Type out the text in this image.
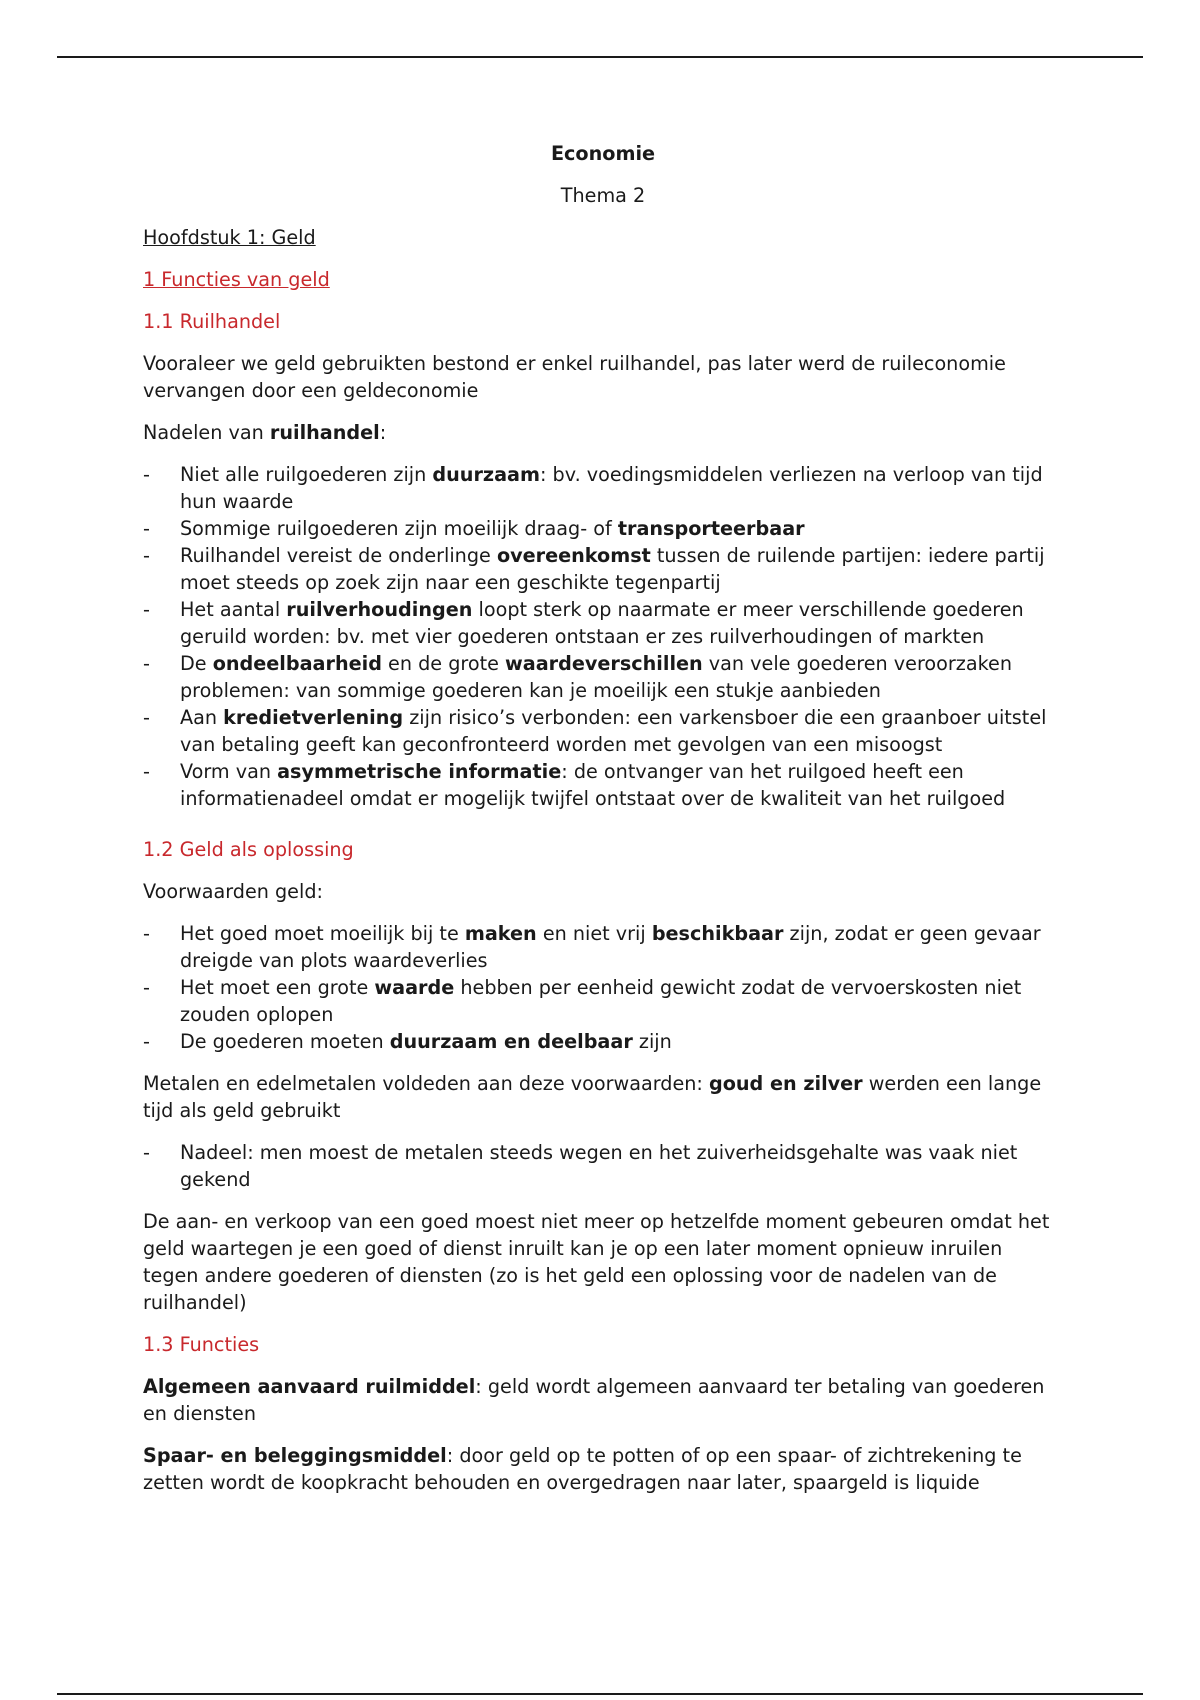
Economie
Thema 2
Hoofdstuk 1: Geld
1 Functies van geld
1.1 Ruilhandel

Vooraleer we geld gebruikten bestond er enkel ruilhandel, pas later werd de ruileconomie vervangen door een geldeconomie

Nadelen van ruilhandel:

- Niet alle ruilgoederen zijn duurzaam: bv. voedingsmiddelen verliezen na verloop van tijd hun waarde
- Sommige ruilgoederen zijn moeilijk draag- of transporteerbaar
- Ruilhandel vereist de onderlinge overeenkomst tussen de ruilende partijen: iedere partij moet steeds op zoek zijn naar een geschikte tegenpartij
- Het aantal ruilverhoudingen loopt sterk op naarmate er meer verschillende goederen geruild worden: bv. met vier goederen ontstaan er zes ruilverhoudingen of markten
- De ondeelbaarheid en de grote waardeverschillen van vele goederen veroorzaken problemen: van sommige goederen kan je moeilijk een stukje aanbieden
- Aan kredietverlening zijn risico’s verbonden: een varkensboer die een graanboer uitstel van betaling geeft kan geconfronteerd worden met gevolgen van een misoogst
- Vorm van asymmetrische informatie: de ontvanger van het ruilgoed heeft een informatienadeel omdat er mogelijk twijfel ontstaat over de kwaliteit van het ruilgoed
1.2 Geld als oplossing

Voorwaarden geld:

- Het goed moet moeilijk bij te maken en niet vrij beschikbaar zijn, zodat er geen gevaar dreigde van plots waardeverlies
- Het moet een grote waarde hebben per eenheid gewicht zodat de vervoerskosten niet zouden oplopen
- De goederen moeten duurzaam en deelbaar zijn

Metalen en edelmetalen voldeden aan deze voorwaarden: goud en zilver werden een lange tijd als geld gebruikt

- Nadeel: men moest de metalen steeds wegen en het zuiverheidsgehalte was vaak niet gekend

De aan- en verkoop van een goed moest niet meer op hetzelfde moment gebeuren omdat het geld waartegen je een goed of dienst inruilt kan je op een later moment opnieuw inruilen tegen andere goederen of diensten (zo is het geld een oplossing voor de nadelen van de ruilhandel)

1.3 Functies

Algemeen aanvaard ruilmiddel: geld wordt algemeen aanvaard ter betaling van goederen en diensten

Spaar- en beleggingsmiddel: door geld op te potten of op een spaar- of zichtrekening te zetten wordt de koopkracht behouden en overgedragen naar later, spaargeld is liquide
